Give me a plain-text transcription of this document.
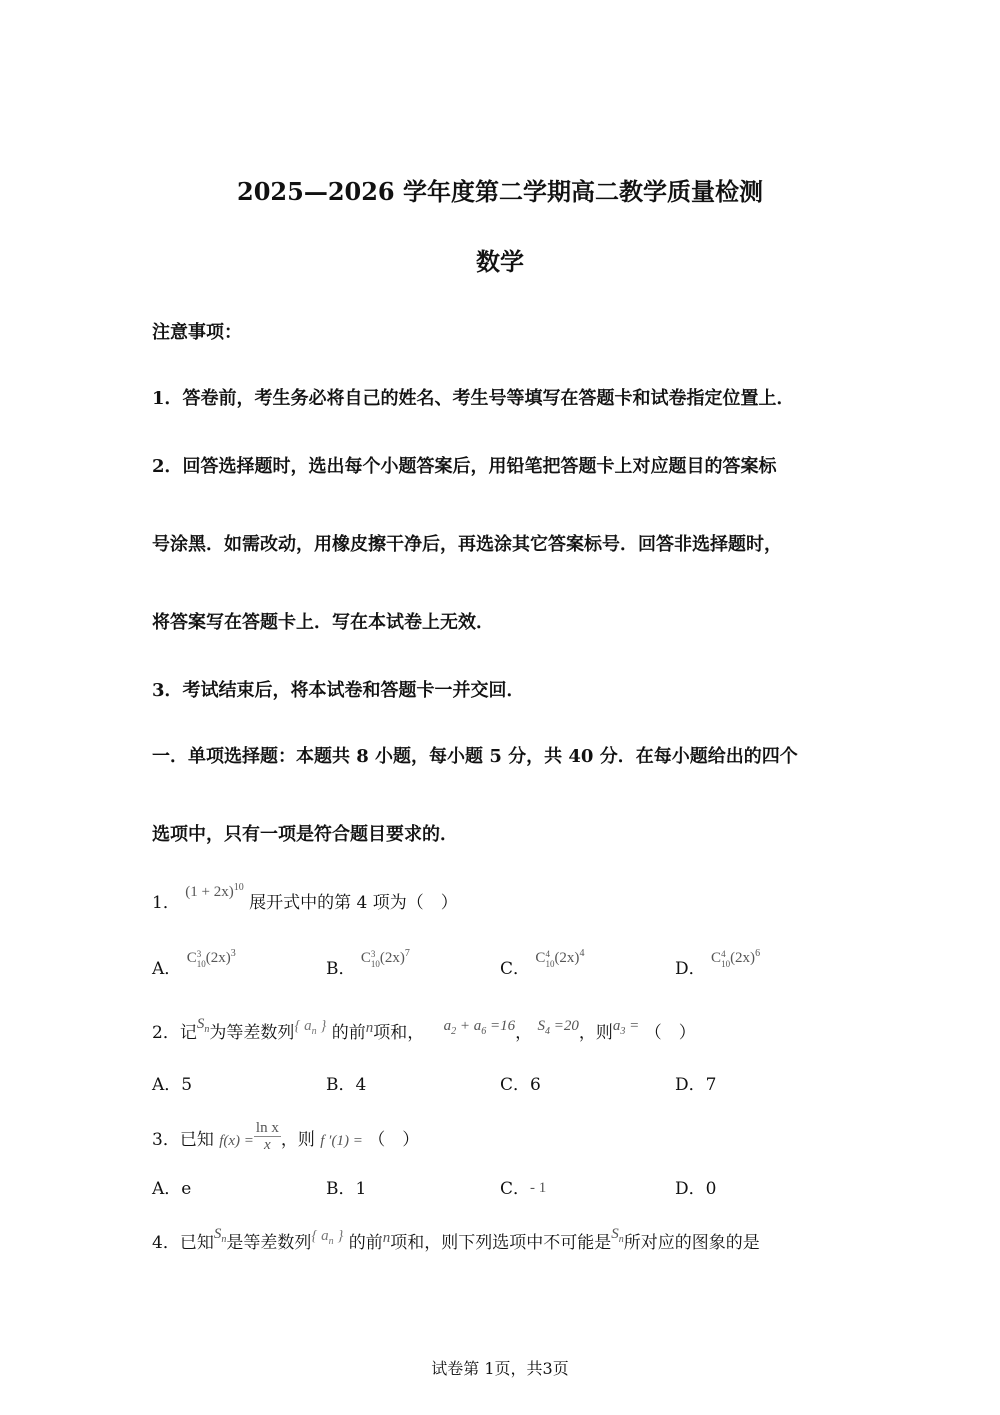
2025—2026 学年度第二学期高二教学质量检测
数学
注意事项：
1．答卷前，考生务必将自己的姓名、考生号等填写在答题卡和试卷指定位置上．
2．回答选择题时，选出每个小题答案后，用铅笔把答题卡上对应题目的答案标
号涂黑．如需改动，用橡皮擦干净后，再选涂其它答案标号．回答非选择题时，
将答案写在答题卡上．写在本试卷上无效．
3．考试结束后，将本试卷和答题卡一并交回．
一．单项选择题：本题共 8 小题，每小题 5 分，共 40 分．在每小题给出的四个
选项中，只有一项是符合题目要求的．
1． $(1 + 2x)^{10}$ 展开式中的第 4 项为（　）
A． C 3
10 $(2x)^3$
B． C 3
10 $(2x)^7$
C． C 4
10 $(2x)^4$
D． C 4
10 $(2x)^6$
2．记$S_n$为等差数列{ $a_n$ } 的前n项和， $a_2 + a_6 =16$， $S_4 =20$，则$a_3$ = （　）
A．5	B．4	C．6	D．7
3．已知 $f(x) = \frac{\text{ln x}}{x}$ ，则 f ′(1) = （　）
A．e	B．1	C．- 1	D．0
4．已知$S_n$是等差数列{ $a_n$ } 的前n项和，则下列选项中不可能是$S_n$所对应的图象的是
试卷第 1页，共3页
